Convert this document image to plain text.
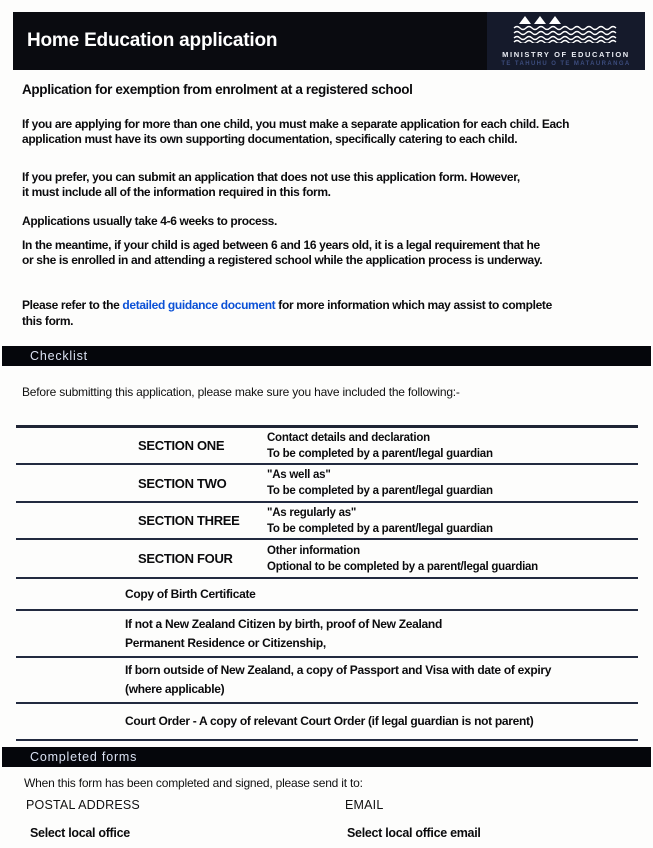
Home Education application
MINISTRY OF EDUCATION
TE TAHUHU O TE MATAURANGA
Application for exemption from enrolment at a registered school
If you are applying for more than one child, you must make a separate application for each child. Each
application must have its own supporting documentation, specifically catering to each child.
If you prefer, you can submit an application that does not use this application form. However,
it must include all of the information required in this form.
Applications usually take 4-6 weeks to process.
In the meantime, if your child is aged between 6 and 16 years old, it is a legal requirement that he
or she is enrolled in and attending a registered school while the application process is underway.
Please refer to the detailed guidance document for more information which may assist to complete
this form.
Checklist
Before submitting this application, please make sure you have included the following:-
SECTION ONE
Contact details and declaration
To be completed by a parent/legal guardian
SECTION TWO
"As well as"
To be completed by a parent/legal guardian
SECTION THREE
"As regularly as"
To be completed by a parent/legal guardian
SECTION FOUR
Other information
Optional to be completed by a parent/legal guardian
Copy of Birth Certificate
If not a New Zealand Citizen by birth, proof of New Zealand
Permanent Residence or Citizenship,
If born outside of New Zealand, a copy of Passport and Visa with date of expiry
(where applicable)
Court Order - A copy of relevant Court Order (if legal guardian is not parent)
Completed forms
When this form has been completed and signed, please send it to:
POSTAL ADDRESS	EMAIL
Select local office	Select local office email
